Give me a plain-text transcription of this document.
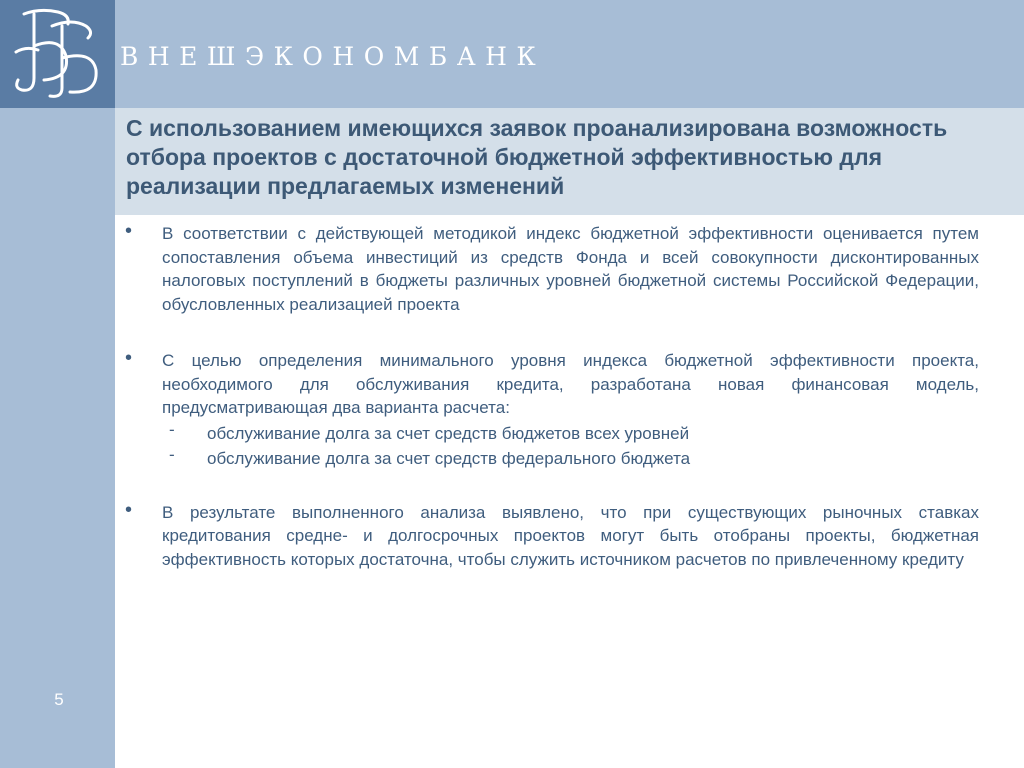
ВНЕШЭКОНОМБАНК
5
С использованием имеющихся заявок проанализирована возможность отбора проектов с достаточной бюджетной эффективностью для реализации предлагаемых изменений
• В соответствии с действующей методикой индекс бюджетной эффективности оценивается путем сопоставления объема инвестиций из средств Фонда и всей совокупности дисконтированных налоговых поступлений в бюджеты различных уровней бюджетной системы Российской Федерации, обусловленных реализацией проекта
• С целью определения минимального уровня индекса бюджетной эффективности проекта, необходимого для обслуживания кредита, разработана новая финансовая модель, предусматривающая два варианта расчета:
- обслуживание долга за счет средств бюджетов всех уровней
- обслуживание долга за счет средств федерального бюджета
• В результате выполненного анализа выявлено, что при существующих рыночных ставках кредитования средне- и долгосрочных проектов могут быть отобраны проекты, бюджетная эффективность которых достаточна, чтобы служить источником расчетов по привлеченному кредиту
